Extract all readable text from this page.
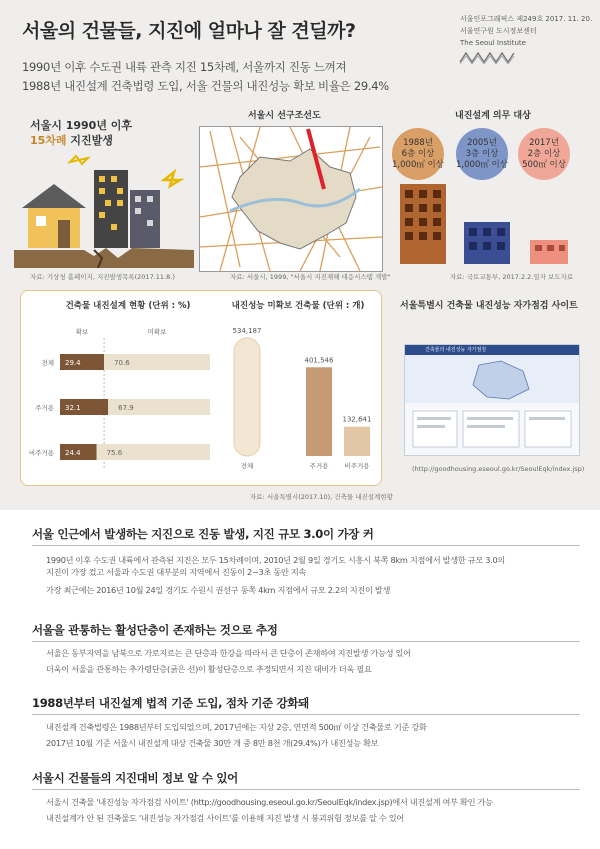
서울의 건물들, 지진에 얼마나 잘 견딜까?
서울인포그래픽스 제249호 2017. 11. 20.
서울연구원 도시정보센터
The Seoul Institute
1990년 이후 수도권 내륙 관측 지진 15차례, 서울까지 진동 느껴져
1988년 내진설계 건축법령 도입, 서울 건물의 내진성능 확보 비율은 29.4%
서울시 1990년 이후
15차례 지진발생
자료: 기상청 홈페이지, 지진발생목록(2017.11.8.)
서울시 선구조선도
자료: 서울시, 1999, "서울시 지진재해 대응시스템 개발"
내진설계 의무 대상
1988년
6층 이상
1,000㎡ 이상
2005년
3층 이상
1,000㎡ 이상
2017년
2층 이상
500㎡ 이상
자료: 국토교통부, 2017.2.2.일자 보도자료
건축물 내진설계 현황 (단위 : %)
확보	미확보
전체 29.4	70.6
주거용 32.1	67.9
비주거용 24.4	75.6
내진성능 미확보 건축물 (단위 : 개)
534,187
전체
401,546
주거용
132,641
비주거용
자료: 서울특별시(2017.10), 건축물 내진설계현황
서울특별시 건축물 내진성능 자가점검 사이트
건축물의 내진성능 자가점검
(http://goodhousing.eseoul.go.kr/SeoulEqk/index.jsp)
서울 인근에서 발생하는 지진으로 진동 발생, 지진 규모 3.0이 가장 커

1990년 이후 수도권 내륙에서 관측된 지진은 모두 15차례이며, 2010년 2월 9일 경기도 시흥시 북쪽 8km 지점에서 발생한 규모 3.0의

지진이 가장 컸고 서울과 수도권 대부분의 지역에서 진동이 2~3초 동안 지속

가장 최근에는 2016년 10월 24일 경기도 수원시 권선구 동쪽 4km 지점에서 규모 2.2의 지진이 발생

서울을 관통하는 활성단층이 존재하는 것으로 추정

서울은 동부지역을 남북으로 가로지르는 큰 단층과 한강을 따라서 큰 단층이 존재하여 지진발생 가능성 있어

더욱이 서울을 관통하는 추가령단층(굵은 선)이 활성단층으로 추정되면서 지진 대비가 더욱 필요

1988년부터 내진설계 법적 기준 도입, 점차 기준 강화돼

내진설계 건축법령은 1988년부터 도입되었으며, 2017년에는 지상 2층, 연면적 500㎡ 이상 건축물로 기준 강화

2017년 10월 기준 서울시 내진설계 대상 건축물 30만 개 중 8만 8천 개(29.4%)가 내진성능 확보

서울시 건물들의 지진대비 정보 알 수 있어

서울시 건축물 '내진성능 자가점검 사이트' (http://goodhousing.eseoul.go.kr/SeoulEqk/index.jsp)에서 내진설계 여부 확인 가능

내진설계가 안 된 건축물도 '내진성능 자가점검 사이트'를 이용해 지진 발생 시 붕괴위험 정보를 알 수 있어
